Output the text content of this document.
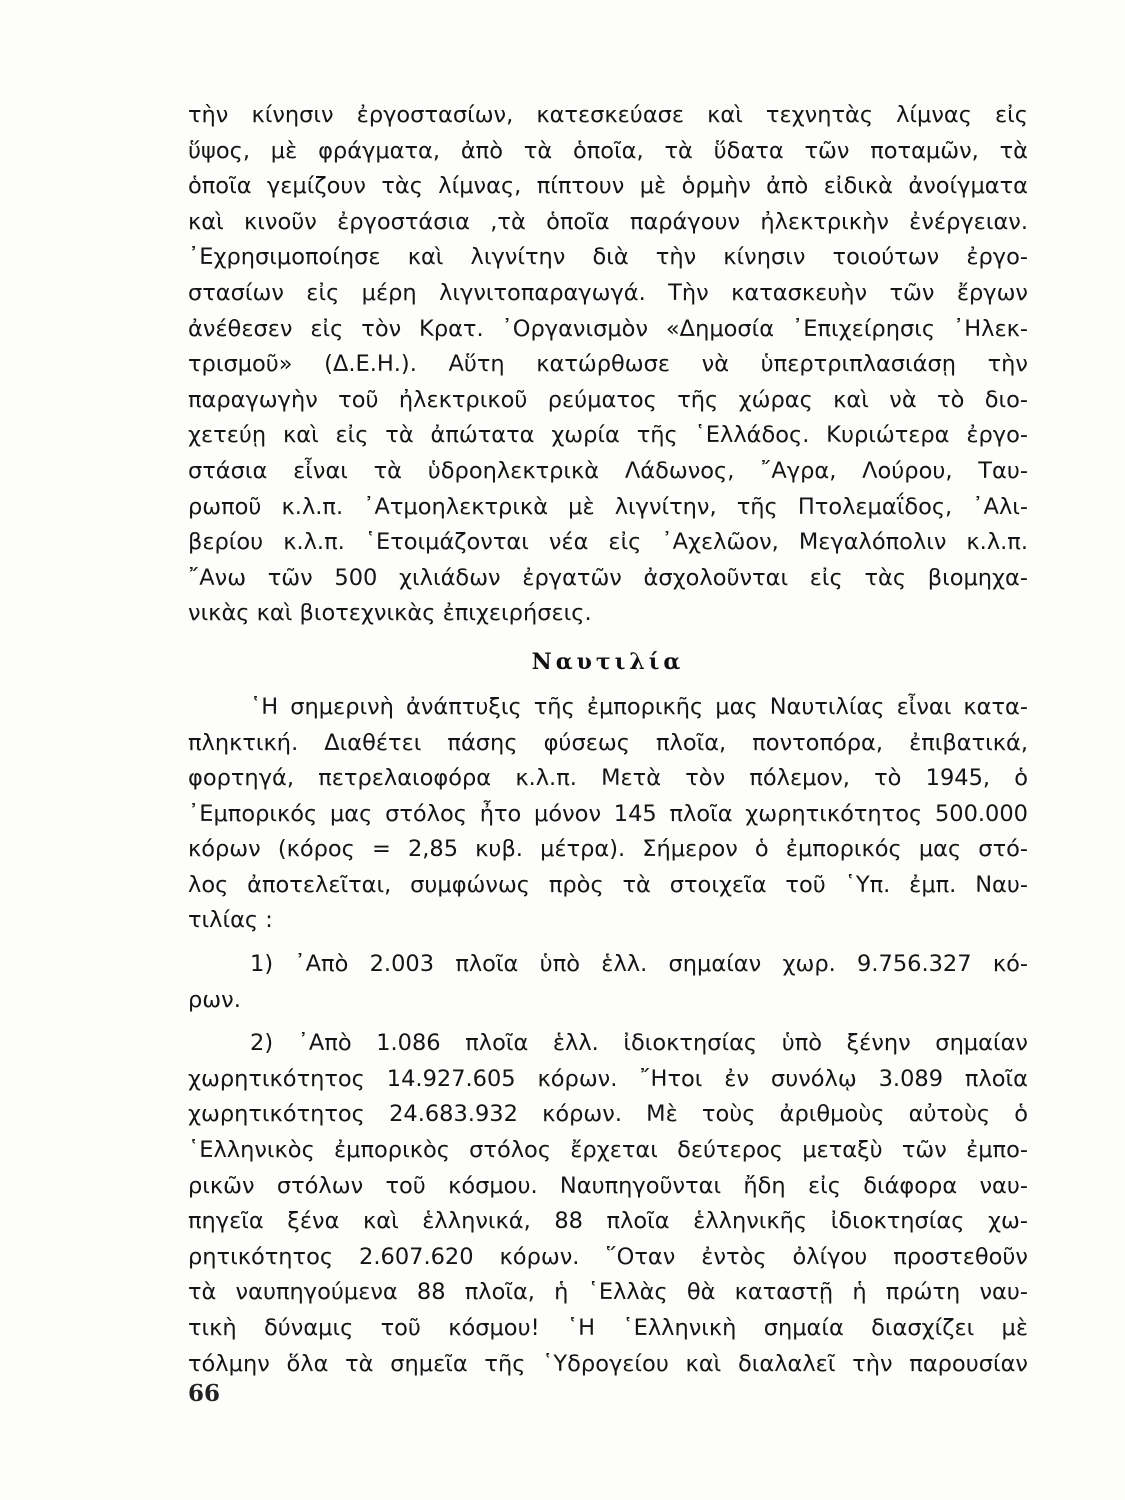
τὴν κίνησιν ἐργοστασίων, κατεσκεύασε καὶ τεχνητὰς λίμνας εἰς
ὕψος, μὲ φράγματα, ἀπὸ τὰ ὁποῖα, τὰ ὕδατα τῶν ποταμῶν, τὰ
ὁποῖα γεμίζουν τὰς λίμνας, πίπτουν μὲ ὁρμὴν ἀπὸ εἰδικὰ ἀνοίγματα
καὶ κινοῦν ἐργοστάσια ,τὰ ὁποῖα παράγουν ἠλεκτρικὴν ἐνέργειαν.
᾿Εχρησιμοποίησε καὶ λιγνίτην διὰ τὴν κίνησιν τοιούτων ἐργο-
στασίων εἰς μέρη λιγνιτοπαραγωγά. Τὴν κατασκευὴν τῶν ἔργων
ἀνέθεσεν εἰς τὸν Κρατ. ᾿Οργανισμὸν «Δημοσία ᾿Επιχείρησις ᾿Ηλεκ-
τρισμοῦ» (Δ.Ε.Η.). Αὕτη κατώρθωσε νὰ ὑπερτριπλασιάσῃ τὴν
παραγωγὴν τοῦ ἠλεκτρικοῦ ρεύματος τῆς χώρας καὶ νὰ τὸ διο-
χετεύῃ καὶ εἰς τὰ ἀπώτατα χωρία τῆς ῾Ελλάδος. Κυριώτερα ἐργο-
στάσια εἶναι τὰ ὑδροηλεκτρικὰ Λάδωνος, ῎Αγρα, Λούρου, Ταυ-
ρωποῦ κ.λ.π. ᾿Ατμοηλεκτρικὰ μὲ λιγνίτην, τῆς Πτολεμαΐδος, ᾿Αλι-
βερίου κ.λ.π. ῾Ετοιμάζονται νέα εἰς ᾿Αχελῶον, Μεγαλόπολιν κ.λ.π.
῎Ανω τῶν 500 χιλιάδων ἐργατῶν ἀσχολοῦνται εἰς τὰς βιομηχα-
νικὰς καὶ βιοτεχνικὰς ἐπιχειρήσεις.
Ναυτιλία
῾Η σημερινὴ ἀνάπτυξις τῆς ἐμπορικῆς μας Ναυτιλίας εἶναι κατα-
πληκτική. Διαθέτει πάσης φύσεως πλοῖα, ποντοπόρα, ἐπιβατικά,
φορτηγά, πετρελαιοφόρα κ.λ.π. Μετὰ τὸν πόλεμον, τὸ 1945, ὁ
᾿Εμπορικός μας στόλος ἦτο μόνον 145 πλοῖα χωρητικότητος 500.000
κόρων (κόρος = 2,85 κυβ. μέτρα). Σήμερον ὁ ἐμπορικός μας στό-
λος ἀποτελεῖται, συμφώνως πρὸς τὰ στοιχεῖα τοῦ ῾Υπ. ἐμπ. Ναυ-
τιλίας :
1) ᾿Απὸ 2.003 πλοῖα ὑπὸ ἑλλ. σημαίαν χωρ. 9.756.327 κό-
ρων.
2) ᾿Απὸ 1.086 πλοῖα ἑλλ. ἰδιοκτησίας ὑπὸ ξένην σημαίαν
χωρητικότητος 14.927.605 κόρων. ῎Ητοι ἐν συνόλῳ 3.089 πλοῖα
χωρητικότητος 24.683.932 κόρων. Μὲ τοὺς ἀριθμοὺς αὐτοὺς ὁ
῾Ελληνικὸς ἐμπορικὸς στόλος ἔρχεται δεύτερος μεταξὺ τῶν ἐμπο-
ρικῶν στόλων τοῦ κόσμου. Ναυπηγοῦνται ἤδη εἰς διάφορα ναυ-
πηγεῖα ξένα καὶ ἑλληνικά, 88 πλοῖα ἑλληνικῆς ἰδιοκτησίας χω-
ρητικότητος 2.607.620 κόρων. ῞Οταν ἐντὸς ὀλίγου προστεθοῦν
τὰ ναυπηγούμενα 88 πλοῖα, ἡ ῾Ελλὰς θὰ καταστῇ ἡ πρώτη ναυ-
τικὴ δύναμις τοῦ κόσμου! ῾Η ῾Ελληνικὴ σημαία διασχίζει μὲ
τόλμην ὅλα τὰ σημεῖα τῆς ῾Υδρογείου καὶ διαλαλεῖ τὴν παρουσίαν
66
